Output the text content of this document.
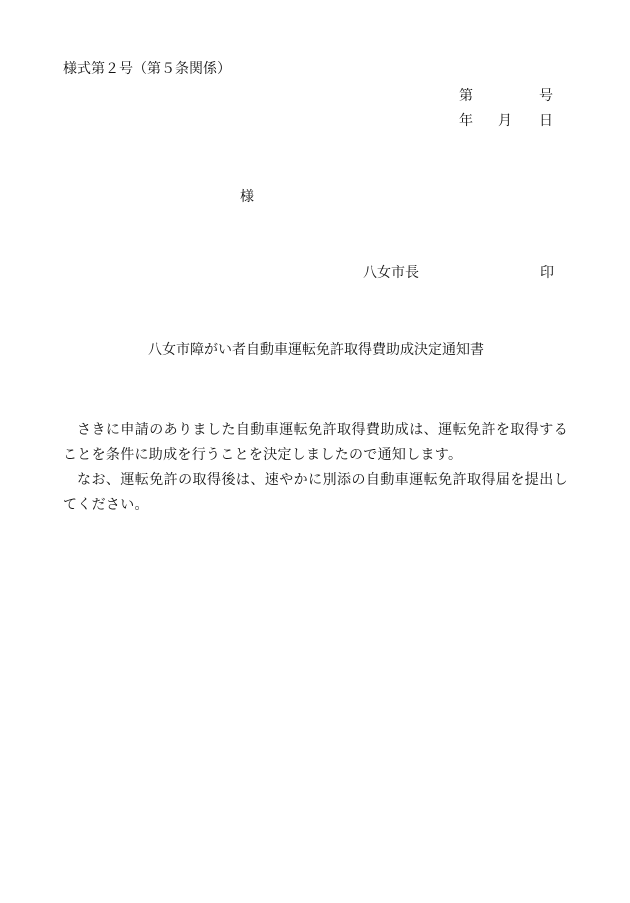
様式第２号（第５条関係）
第	号
年 月 日
様
八女市長	印
八女市障がい者自動車運転免許取得費助成決定通知書

さきに申請のありました自動車運転免許取得費助成は、運転免許を取得することを条件に助成を行うことを決定しましたので通知します。

なお、運転免許の取得後は、速やかに別添の自動車運転免許取得届を提出してください。
